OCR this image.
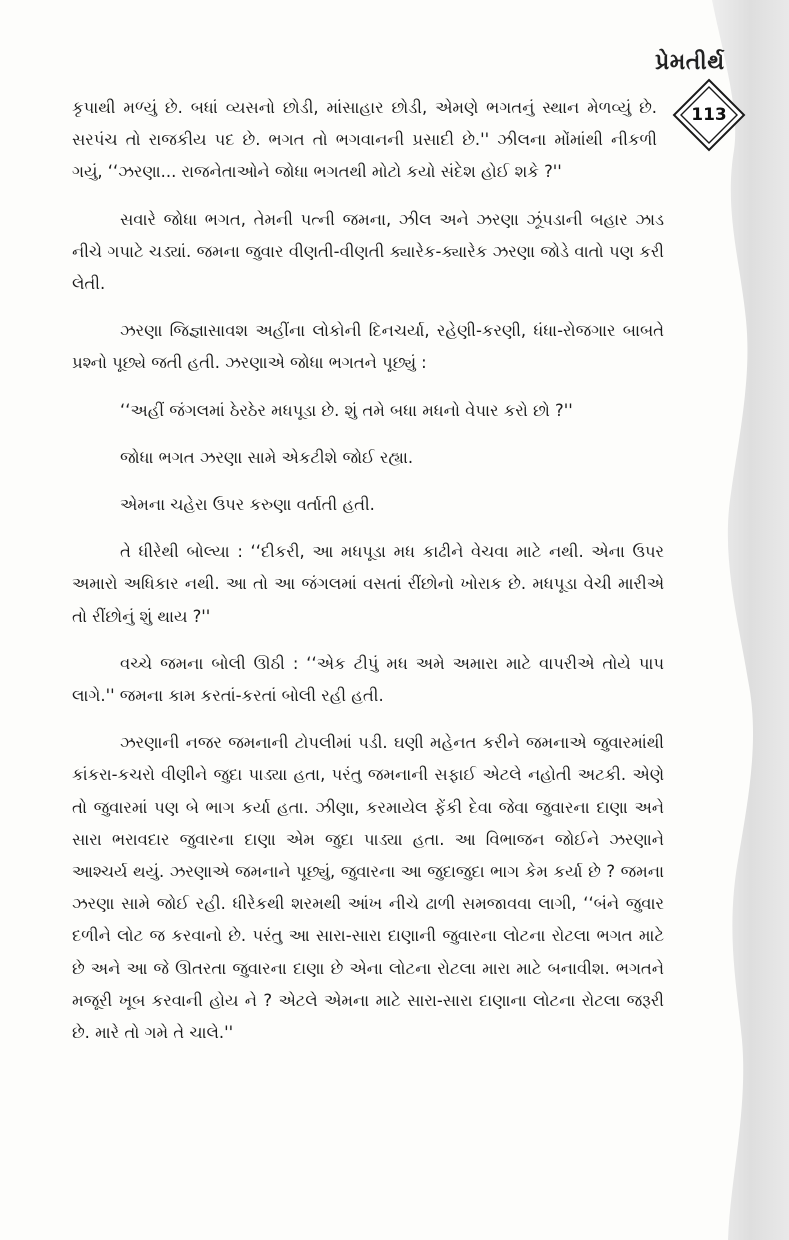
પ્રેમતીર્થ
113

કૃપાથી મળ્યું છે. બધાં વ્યસનો છોડી, માંસાહાર છોડી, એમણે ભગતનું સ્થાન મેળવ્યું છે. સરપંચ તો રાજકીય પદ છે. ભગત તો ભગવાનની પ્રસાદી છે.'' ઝીલના મોંમાંથી નીકળી ગયું, ‘‘ઝરણા... રાજનેતાઓને જોધા ભગતથી મોટો કયો સંદેશ હોઈ શકે ?''

સવારે જોધા ભગત, તેમની પત્ની જમના, ઝીલ અને ઝરણા ઝૂંપડાની બહાર ઝાડ નીચે ગપાટે ચડ્યાં. જમના જુવાર વીણતી-વીણતી ક્યારેક-ક્યારેક ઝરણા જોડે વાતો પણ કરી લેતી.

ઝરણા જિજ્ઞાસાવશ અહીંના લોકોની દિનચર્યા, રહેણી-કરણી, ધંધા-રોજગાર બાબતે પ્રશ્નો પૂછ્યે જતી હતી. ઝરણાએ જોધા ભગતને પૂછ્યું :

‘‘અહીં જંગલમાં ઠેરઠેર મધપૂડા છે. શું તમે બધા મધનો વેપાર કરો છો ?''

જોધા ભગત ઝરણા સામે એકટીશે જોઈ રહ્યા.

એમના ચહેરા ઉપર કરુણા વર્તાતી હતી.

તે ધીરેથી બોલ્યા : ‘‘દીકરી, આ મધપૂડા મધ કાઢીને વેચવા માટે નથી. એના ઉપર અમારો અધિકાર નથી. આ તો આ જંગલમાં વસતાં રીંછોનો ખોરાક છે. મધપૂડા વેચી મારીએ તો રીંછોનું શું થાય ?''

વચ્ચે જમના બોલી ઊઠી : ‘‘એક ટીપું મધ અમે અમારા માટે વાપરીએ તોયે પાપ લાગે.'' જમના કામ કરતાં-કરતાં બોલી રહી હતી.

ઝરણાની નજર જમનાની ટોપલીમાં પડી. ઘણી મહેનત કરીને જમનાએ જુવારમાંથી કાંકરા-કચરો વીણીને જુદા પાડ્યા હતા, પરંતુ જમનાની સફાઈ એટલે નહોતી અટકી. એણે તો જુવારમાં પણ બે ભાગ કર્યા હતા. ઝીણા, કરમાયેલ ફેંકી દેવા જેવા જુવારના દાણા અને સારા ભરાવદાર જુવારના દાણા એમ જુદા પાડ્યા હતા. આ વિભાજન જોઈને ઝરણાને આશ્ચર્ય થયું. ઝરણાએ જમનાને પૂછ્યું, જુવારના આ જુદાજુદા ભાગ કેમ કર્યા છે ? જમના ઝરણા સામે જોઈ રહી. ધીરેકથી શરમથી આંખ નીચે ઢાળી સમજાવવા લાગી, ‘‘બંને જુવાર દળીને લોટ જ કરવાનો છે. પરંતુ આ સારા-સારા દાણાની જુવારના લોટના રોટલા ભગત માટે છે અને આ જે ઊતરતા જુવારના દાણા છે એના લોટના રોટલા મારા માટે બનાવીશ. ભગતને મજૂરી ખૂબ કરવાની હોય ને ? એટલે એમના માટે સારા-સારા દાણાના લોટના રોટલા જરૂરી છે. મારે તો ગમે તે ચાલે.''
